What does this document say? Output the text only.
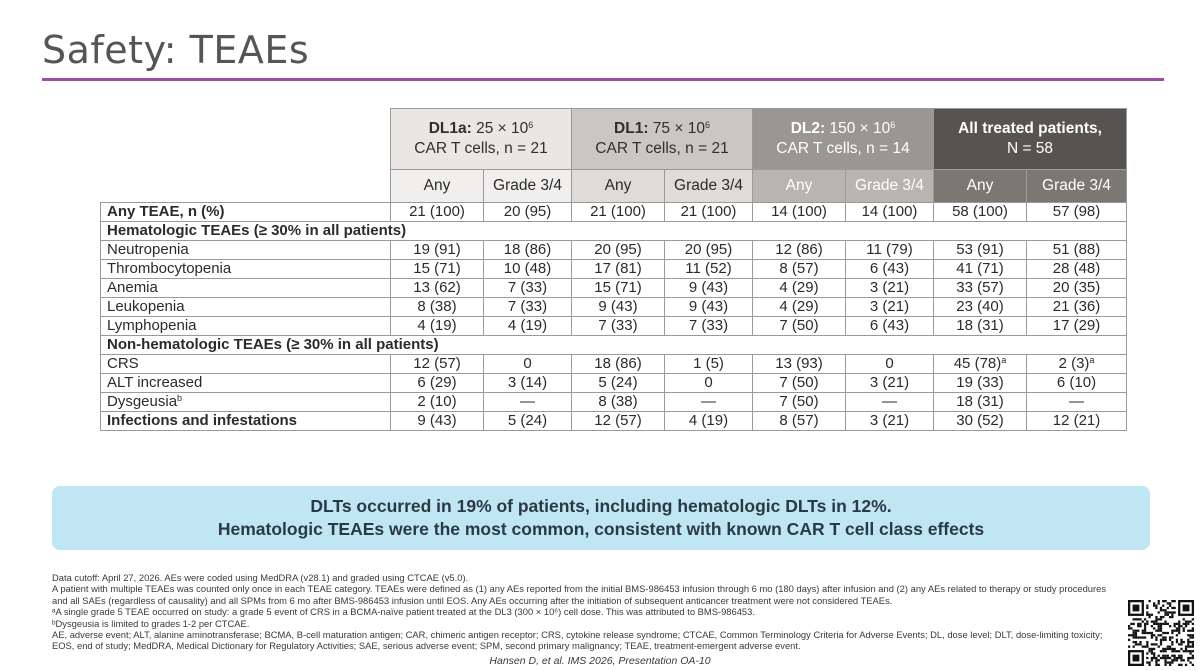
Safety: TEAEs
	DL1a: $25 \times 10^6$
CAR T cells, n = 21		DL1: $75 \times 10^6$
CAR T cells, n = 21		DL2: $150 \times 10^6$
CAR T cells, n = 14		All treated patients,
N = 58	
	Any	Grade 3/4	Any	Grade 3/4	Any	Grade 3/4	Any	Grade 3/4
Any TEAE, n (%)	21 (100)	20 (95)	21 (100)	21 (100)	14 (100)	14 (100)	58 (100)	57 (98)
Hematologic TEAEs (≥ 30% in all patients)								
Neutropenia	19 (91)	18 (86)	20 (95)	20 (95)	12 (86)	11 (79)	53 (91)	51 (88)
Thrombocytopenia	15 (71)	10 (48)	17 (81)	11 (52)	8 (57)	6 (43)	41 (71)	28 (48)
Anemia	13 (62)	7 (33)	15 (71)	9 (43)	4 (29)	3 (21)	33 (57)	20 (35)
Leukopenia	8 (38)	7 (33)	9 (43)	9 (43)	4 (29)	3 (21)	23 (40)	21 (36)
Lymphopenia	4 (19)	4 (19)	7 (33)	7 (33)	7 (50)	6 (43)	18 (31)	17 (29)
Non-hematologic TEAEs (≥ 30% in all patients)								
CRS	12 (57)	0	18 (86)	1 (5)	13 (93)	0	45 $(78)^a$	2 $(3)^a$
ALT increased	6 (29)	3 (14)	5 (24)	0	7 (50)	3 (21)	19 (33)	6 (10)
Dysgeusia$^b$	2 (10)	—	8 (38)	—	7 (50)	—	18 (31)	—
Infections and infestations	9 (43)	5 (24)	12 (57)	4 (19)	8 (57)	3 (21)	30 (52)	12 (21)
DLTs occurred in 19% of patients, including hematologic DLTs in 12%.
Hematologic TEAEs were the most common, consistent with known CAR T cell class effects
Data cutoff: April 27, 2026. AEs were coded using MedDRA (v28.1) and graded using CTCAE (v5.0).
A patient with multiple TEAEs was counted only once in each TEAE category. TEAEs were defined as (1) any AEs reported from the initial BMS-986453 infusion through 6 mo (180 days) after infusion and (2) any AEs related to therapy or study procedures and all SAEs (regardless of causality) and all SPMs from 6 mo after BMS-986453 infusion until EOS. Any AEs occurring after the initiation of subsequent anticancer treatment were not considered TEAEs.
ᵃA single grade 5 TEAE occurred on study: a grade 5 event of CRS in a BCMA-naïve patient treated at the DL3 (300 × 10⁶) cell dose. This was attributed to BMS-986453.
ᵇDysgeusia is limited to grades 1-2 per CTCAE.
AE, adverse event; ALT, alanine aminotransferase; BCMA, B-cell maturation antigen; CAR, chimeric antigen receptor; CRS, cytokine release syndrome; CTCAE, Common Terminology Criteria for Adverse Events; DL, dose level; DLT, dose-limiting toxicity; EOS, end of study; MedDRA, Medical Dictionary for Regulatory Activities; SAE, serious adverse event; SPM, second primary malignancy; TEAE, treatment-emergent adverse event.
Hansen D, et al. IMS 2026, Presentation OA-10
